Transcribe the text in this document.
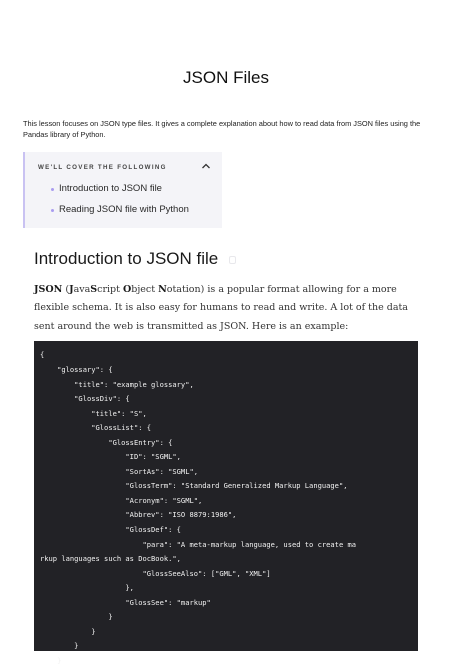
JSON Files
This lesson focuses on JSON type files. It gives a complete explanation about how to read data from JSON files using the Pandas library of Python.
WE'LL COVER THE FOLLOWING
Introduction to JSON file
Reading JSON file with Python
Introduction to JSON file
JSON (JavaScript Object Notation) is a popular format allowing for a more flexible schema. It is also easy for humans to read and write. A lot of the data sent around the web is transmitted as JSON. Here is an example:
{
"glossary": {
"title": "example glossary",
"GlossDiv": {
"title": "S",
"GlossList": {
"GlossEntry": {
"ID": "SGML",
"SortAs": "SGML",
"GlossTerm": "Standard Generalized Markup Language",
"Acronym": "SGML",
"Abbrev": "ISO 8879:1986",
"GlossDef": {
"para": "A meta-markup language, used to create ma
rkup languages such as DocBook.",
"GlossSeeAlso": ["GML", "XML"]
},
"GlossSee": "markup"
}
}
}
}
